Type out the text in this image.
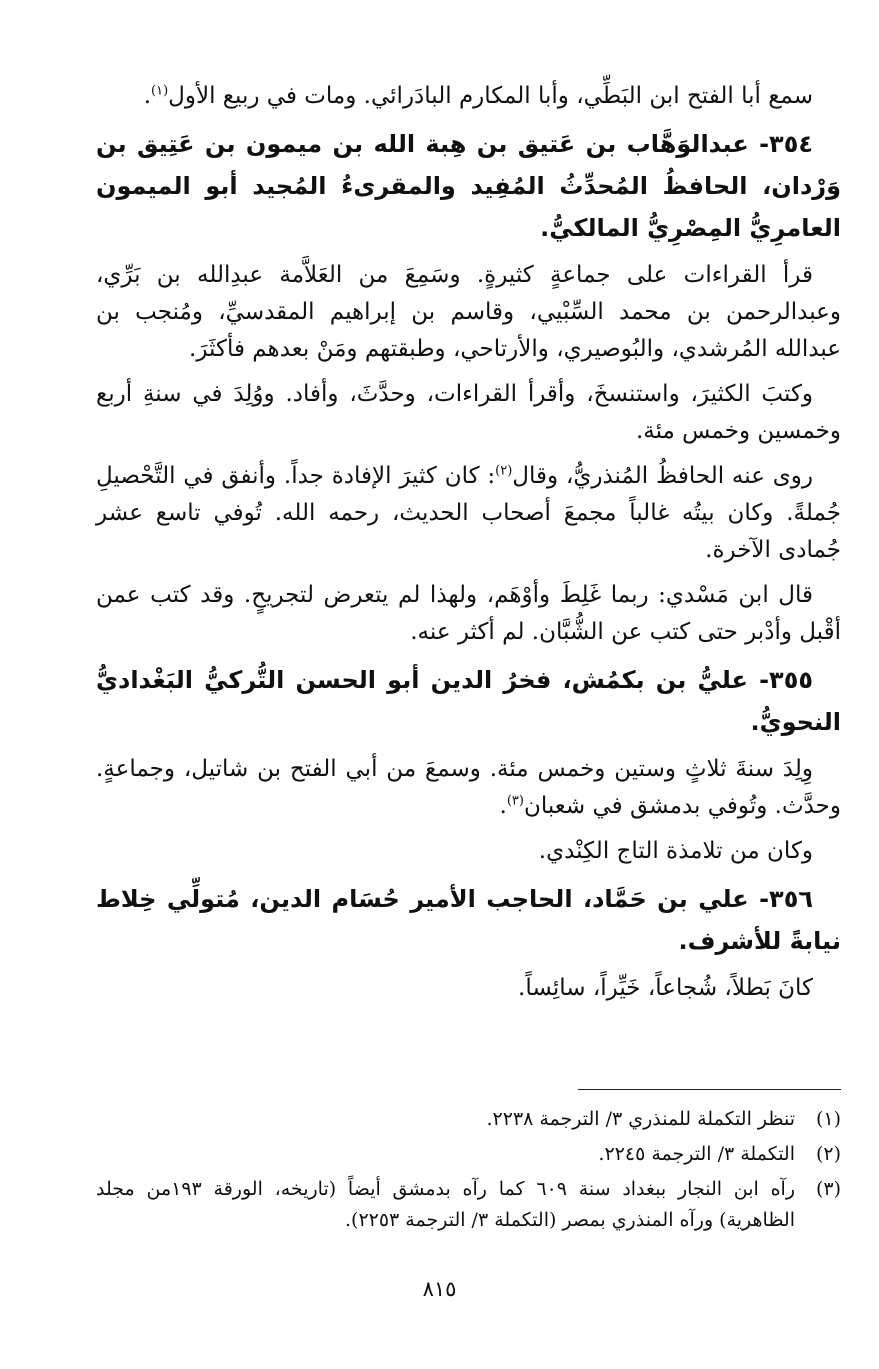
سمع أبا الفتح ابن البَطِّي، وأبا المكارم البادَرائي. ومات في ربيع الأول$^{(١)}$.

٣٥٤- عبدالوَهَّاب بن عَتيق بن هِبة الله بن ميمون بن عَتِيق بن وَرْدان، الحافظُ المُحدِّثُ المُفِيد والمقرىءُ المُجيد أبو الميمون العامرِيُّ المِصْرِيُّ المالكيُّ.

قرأ القراءات على جماعةٍ كثيرةٍ. وسَمِعَ من العَلاَّمة عبدِالله بن بَرِّي، وعبدالرحمن بن محمد السِّبْيي، وقاسم بن إبراهيم المقدسيِّ، ومُنجب بن عبدالله المُرشدي، والبُوصيري، والأرتاحي، وطبقتهم ومَنْ بعدهم فأكثَرَ.

وكتبَ الكثيرَ، واستنسخَ، وأقرأ القراءات، وحدَّثَ، وأفاد. ووُلِدَ في سنةِ أربع وخمسين وخمس مئة.

روى عنه الحافظُ المُنذريُّ، وقال$^{(٢)}$: كان كثيرَ الإفادة جداً. وأنفق في التَّحْصيلِ جُملةً. وكان بيتُه غالباً مجمعَ أصحاب الحديث، رحمه الله. تُوفي تاسع عشر جُمادى الآخرة.

قال ابن مَسْدي: ربما غَلِطَ وأوْهَم، ولهذا لم يتعرض لتجريحٍ. وقد كتب عمن أقْبل وأدْبر حتى كتب عن الشُّبَّان. لم أكثر عنه.

٣٥٥- عليُّ بن بكمُش، فخرُ الدين أبو الحسن التُّركيُّ البَغْداديُّ النحويُّ.

وِلِدَ سنةَ ثلاثٍ وستين وخمس مئة. وسمعَ من أبي الفتح بن شاتيل، وجماعةٍ. وحدَّث. وتُوفي بدمشق في شعبان$^{(٣)}$.

وكان من تلامذة التاج الكِنْدي.

٣٥٦- علي بن حَمَّاد، الحاجب الأمير حُسَام الدين، مُتولِّي خِلاط نيابةً للأشرف.

كانَ بَطلاً، شُجاعاً، خَيِّراً، سائِساً.

(١)
تنظر التكملة للمنذري ٣/ الترجمة ٢٢٣٨.
(٢)
التكملة ٣/ الترجمة ٢٢٤٥.
(٣)
رآه ابن النجار ببغداد سنة ٦٠٩ كما رآه بدمشق أيضاً (تاريخه، الورقة ١٩٣من مجلد الظاهرية) ورآه المنذري بمصر (التكملة ٣/ الترجمة ٢٢٥٣).
٨١٥
